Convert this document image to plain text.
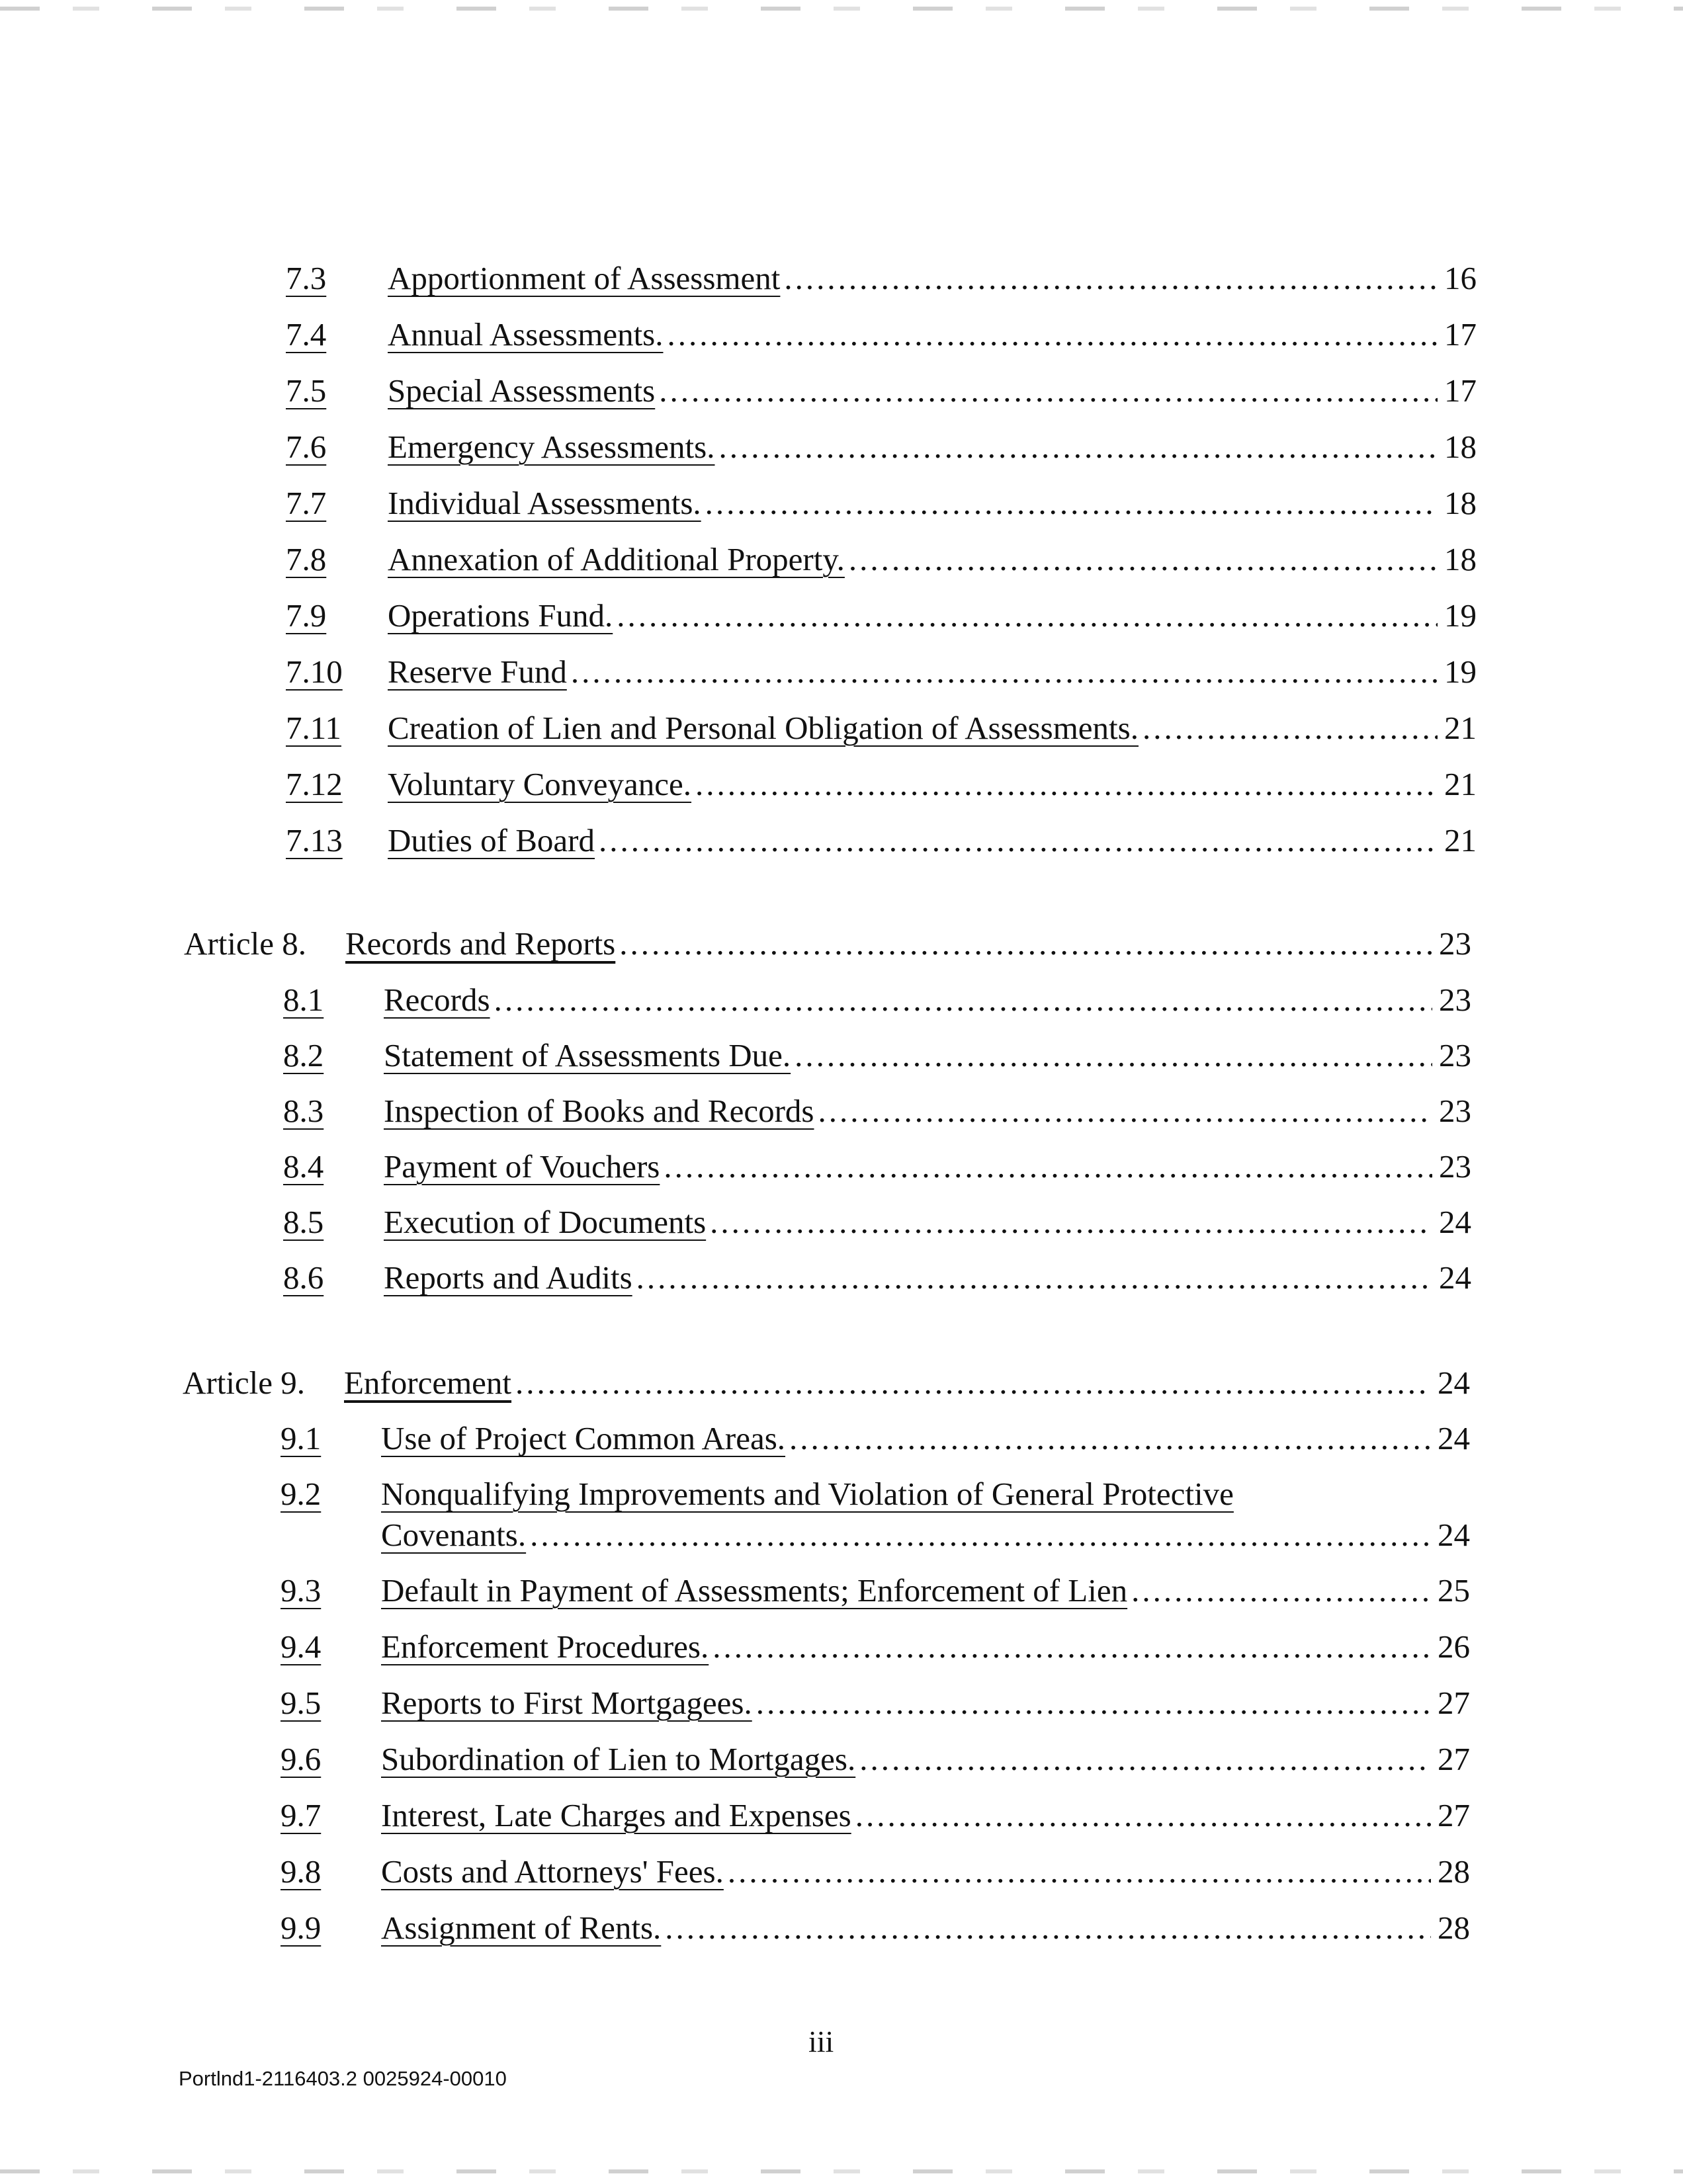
7.3 Apportionment of Assessment .....	16
7.4 Annual Assessments. .....	17
7.5 Special Assessments .....	17
7.6 Emergency Assessments. .....	18
7.7 Individual Assessments. .....	18
7.8 Annexation of Additional Property. .....	18
7.9 Operations Fund. .....	19
7.10 Reserve Fund .....	19
7.11 Creation of Lien and Personal Obligation of Assessments. .....	21
7.12 Voluntary Conveyance. .....	21
7.13 Duties of Board .....	21
Article 8. Records and Reports .....	23
8.1 Records .....	23
8.2 Statement of Assessments Due. .....	23
8.3 Inspection of Books and Records .....	23
8.4 Payment of Vouchers .....	23
8.5 Execution of Documents .....	24
8.6 Reports and Audits .....	24
Article 9. Enforcement .....	24
9.1 Use of Project Common Areas. .....	24
9.2 Nonqualifying Improvements and Violation of General Protective
Covenants. .....	24
9.3 Default in Payment of Assessments; Enforcement of Lien .....	25
9.4 Enforcement Procedures. .....	26
9.5 Reports to First Mortgagees. .....	27
9.6 Subordination of Lien to Mortgages. .....	27
9.7 Interest, Late Charges and Expenses .....	27
9.8 Costs and Attorneys' Fees. .....	28
9.9 Assignment of Rents. .....	28
iii
Portlnd1-2116403.2 0025924-00010
